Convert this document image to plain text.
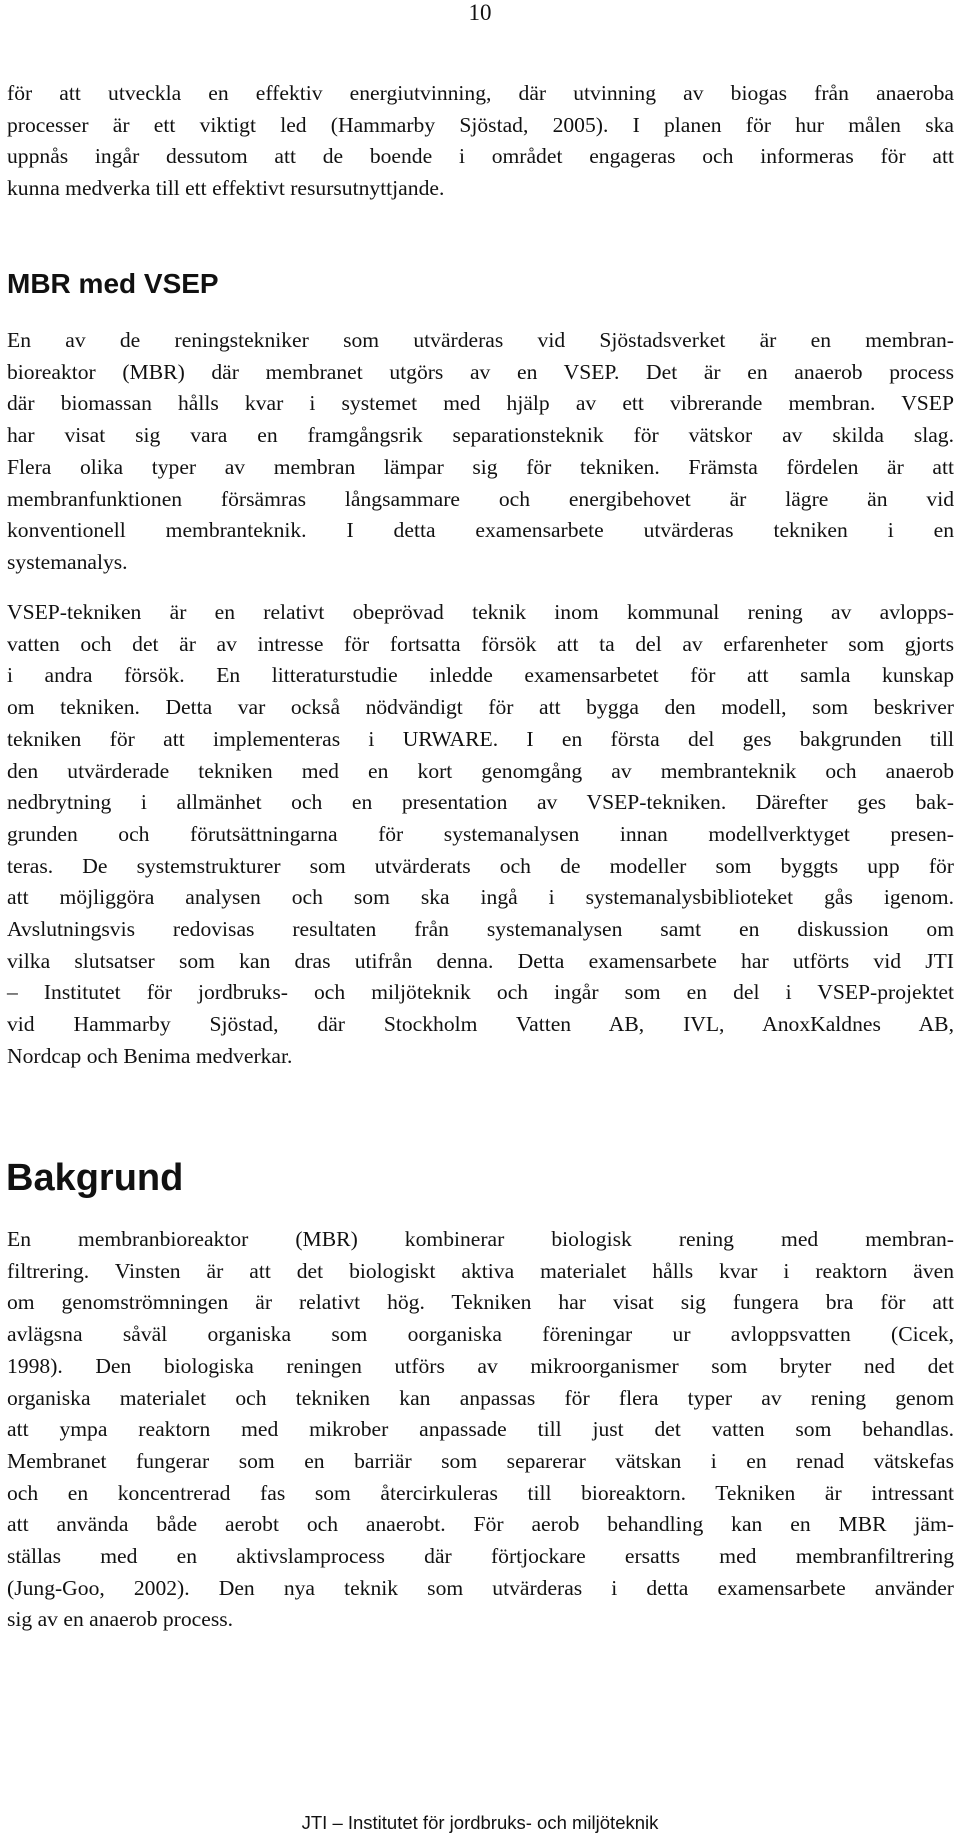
10

för att utveckla en effektiv energiutvinning, där utvinning av biogas från anaeroba
processer är ett viktigt led (Hammarby Sjöstad, 2005). I planen för hur målen ska
uppnås ingår dessutom att de boende i området engageras och informeras för att
kunna medverka till ett effektivt resursutnyttjande.

MBR med VSEP

En av de reningstekniker som utvärderas vid Sjöstadsverket är en membran-
bioreaktor (MBR) där membranet utgörs av en VSEP. Det är en anaerob process
där biomassan hålls kvar i systemet med hjälp av ett vibrerande membran. VSEP
har visat sig vara en framgångsrik separationsteknik för vätskor av skilda slag.
Flera olika typer av membran lämpar sig för tekniken. Främsta fördelen är att
membranfunktionen försämras långsammare och energibehovet är lägre än vid
konventionell membranteknik. I detta examensarbete utvärderas tekniken i en
systemanalys.

VSEP-tekniken är en relativt obeprövad teknik inom kommunal rening av avlopps-
vatten och det är av intresse för fortsatta försök att ta del av erfarenheter som gjorts
i andra försök. En litteraturstudie inledde examensarbetet för att samla kunskap
om tekniken. Detta var också nödvändigt för att bygga den modell, som beskriver
tekniken för att implementeras i URWARE. I en första del ges bakgrunden till
den utvärderade tekniken med en kort genomgång av membranteknik och anaerob
nedbrytning i allmänhet och en presentation av VSEP-tekniken. Därefter ges bak-
grunden och förutsättningarna för systemanalysen innan modellverktyget presen-
teras. De systemstrukturer som utvärderats och de modeller som byggts upp för
att möjliggöra analysen och som ska ingå i systemanalysbiblioteket gås igenom.
Avslutningsvis redovisas resultaten från systemanalysen samt en diskussion om
vilka slutsatser som kan dras utifrån denna. Detta examensarbete har utförts vid JTI
– Institutet för jordbruks- och miljöteknik och ingår som en del i VSEP-projektet
vid Hammarby Sjöstad, där Stockholm Vatten AB, IVL, AnoxKaldnes AB,
Nordcap och Benima medverkar.

Bakgrund

En membranbioreaktor (MBR) kombinerar biologisk rening med membran-
filtrering. Vinsten är att det biologiskt aktiva materialet hålls kvar i reaktorn även
om genomströmningen är relativt hög. Tekniken har visat sig fungera bra för att
avlägsna såväl organiska som oorganiska föreningar ur avloppsvatten (Cicek,
1998). Den biologiska reningen utförs av mikroorganismer som bryter ned det
organiska materialet och tekniken kan anpassas för flera typer av rening genom
att ympa reaktorn med mikrober anpassade till just det vatten som behandlas.
Membranet fungerar som en barriär som separerar vätskan i en renad vätskefas
och en koncentrerad fas som återcirkuleras till bioreaktorn. Tekniken är intressant
att använda både aerobt och anaerobt. För aerob behandling kan en MBR jäm-
ställas med en aktivslamprocess där förtjockare ersatts med membranfiltrering
(Jung-Goo, 2002). Den nya teknik som utvärderas i detta examensarbete använder
sig av en anaerob process.

JTI – Institutet för jordbruks- och miljöteknik
